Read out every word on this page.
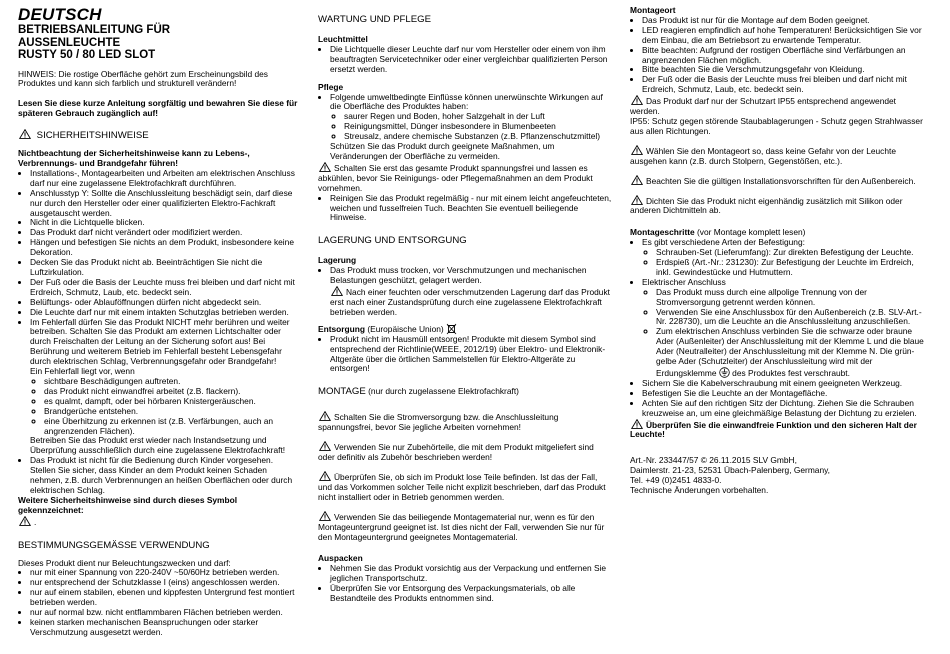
DEUTSCH
BETRIEBSANLEITUNG FÜR
AUSSENLEUCHTE
RUSTY 50 / 80 LED SLOT

HINWEIS: Die rostige Oberfläche gehört zum Erscheinungsbild des Produktes und kann sich farblich und strukturell verändern!

Lesen Sie diese kurze Anleitung sorgfältig und bewahren Sie diese für späteren Gebrauch zugänglich auf!

SICHERHEITSHINWEISE

Nichtbeachtung der Sicherheitshinweise kann zu Lebens-, Verbrennungs- und Brandgefahr führen!

• Installations-, Montagearbeiten und Arbeiten am elektrischen Anschluss darf nur eine zugelassene Elektrofachkraft durchführen.
• Anschlusstyp Y: Sollte die Anschlussleitung beschädigt sein, darf diese nur durch den Hersteller oder einer qualifizierten Elektro-Fachkraft ausgetauscht werden.
• Nicht in die Lichtquelle blicken.
• Das Produkt darf nicht verändert oder modifiziert werden.
• Hängen und befestigen Sie nichts an dem Produkt, insbesondere keine Dekoration.
• Decken Sie das Produkt nicht ab. Beeinträchtigen Sie nicht die Luftzirkulation.
• Der Fuß oder die Basis der Leuchte muss frei bleiben und darf nicht mit Erdreich, Schmutz, Laub, etc. bedeckt sein.
• Belüftungs- oder Ablauföffnungen dürfen nicht abgedeckt sein.
• Die Leuchte darf nur mit einem intakten Schutzglas betrieben werden.
• Im Fehlerfall dürfen Sie das Produkt NICHT mehr berühren und weiter betreiben. Schalten Sie das Produkt am externen Lichtschalter oder durch Freischalten der Leitung an der Sicherung sofort aus! Bei Berührung und weiterem Betrieb im Fehlerfall besteht Lebensgefahr durch elektrischen Schlag, Verbrennungsgefahr oder Brandgefahr!
Ein Fehlerfall liegt vor, wenn
◦ sichtbare Beschädigungen auftreten.
◦ das Produkt nicht einwandfrei arbeitet (z.B. flackern).
◦ es qualmt, dampft, oder bei hörbaren Knistergeräuschen.
◦ Brandgerüche entstehen.
◦ eine Überhitzung zu erkennen ist (z.B. Verfärbungen, auch an angrenzenden Flächen).
Betreiben Sie das Produkt erst wieder nach Instandsetzung und Überprüfung ausschließlich durch eine zugelassene Elektrofachkraft!
• Das Produkt ist nicht für die Bedienung durch Kinder vorgesehen. Stellen Sie sicher, dass Kinder an dem Produkt keinen Schaden nehmen, z.B. durch Verbrennungen an heißen Oberflächen oder durch elektrischen Schlag.

Weitere Sicherheitshinweise sind durch dieses Symbol gekennzeichnet:

.

BESTIMMUNGSGEMÄSSE VERWENDUNG

Dieses Produkt dient nur Beleuchtungszwecken und darf:

• nur mit einer Spannung von 220-240V ~50/60Hz betrieben werden.
• nur entsprechend der Schutzklasse I (eins) angeschlossen werden.
• nur auf einem stabilen, ebenen und kippfesten Untergrund fest montiert betrieben werden.
• nur auf normal bzw. nicht entflammbaren Flächen betrieben werden.
• keinen starken mechanischen Beanspruchungen oder starker Verschmutzung ausgesetzt werden.

WARTUNG UND PFLEGE

Leuchtmittel

• Die Lichtquelle dieser Leuchte darf nur vom Hersteller oder einem von ihm beauftragten Servicetechniker oder einer vergleichbar qualifizierten Person ersetzt werden.

Pflege

• Folgende umweltbedingte Einflüsse können unerwünschte Wirkungen auf die Oberfläche des Produktes haben:
◦ saurer Regen und Boden, hoher Salzgehalt in der Luft
◦ Reinigungsmittel, Dünger insbesondere in Blumenbeeten
◦ Streusalz, andere chemische Substanzen (z.B. Pflanzenschutzmittel)
Schützen Sie das Produkt durch geeignete Maßnahmen, um Veränderungen der Oberfläche zu vermeiden.

Schalten Sie erst das gesamte Produkt spannungsfrei und lassen es abkühlen, bevor Sie Reinigungs- oder Pflegemaßnahmen an dem Produkt vornehmen.

• Reinigen Sie das Produkt regelmäßig - nur mit einem leicht angefeuchteten, weichen und fusselfreien Tuch. Beachten Sie eventuell beiliegende Hinweise.

LAGERUNG UND ENTSORGUNG

Lagerung

• Das Produkt muss trocken, vor Verschmutzungen und mechanischen Belastungen geschützt, gelagert werden.

Nach einer feuchten oder verschmutzenden Lagerung darf das Produkt erst nach einer Zustandsprüfung durch eine zugelassene Elektrofachkraft betrieben werden.

Entsorgung (Europäische Union)

• Produkt nicht im Hausmüll entsorgen! Produkte mit diesem Symbol sind entsprechend der Richtlinie(WEEE, 2012/19) über Elektro- und Elektronik-Altgeräte über die örtlichen Sammelstellen für Elektro-Altgeräte zu entsorgen!

MONTAGE (nur durch zugelassene Elektrofachkraft)

Schalten Sie die Stromversorgung bzw. die Anschlussleitung spannungsfrei, bevor Sie jegliche Arbeiten vornehmen!

Verwenden Sie nur Zubehörteile, die mit dem Produkt mitgeliefert sind oder definitiv als Zubehör beschrieben werden!

Überprüfen Sie, ob sich im Produkt lose Teile befinden. Ist das der Fall, und das Vorkommen solcher Teile nicht explizit beschrieben, darf das Produkt nicht installiert oder in Betrieb genommen werden.

Verwenden Sie das beiliegende Montagematerial nur, wenn es für den Montageuntergrund geeignet ist. Ist dies nicht der Fall, verwenden Sie nur für den Montageuntergrund geeignetes Montagematerial.

Auspacken

• Nehmen Sie das Produkt vorsichtig aus der Verpackung und entfernen Sie jeglichen Transportschutz.
• Überprüfen Sie vor Entsorgung des Verpackungsmaterials, ob alle Bestandteile des Produkts entnommen sind.

Montageort

• Das Produkt ist nur für die Montage auf dem Boden geeignet.
• LED reagieren empfindlich auf hohe Temperaturen! Berücksichtigen Sie vor dem Einbau, die am Betriebsort zu erwartende Temperatur.
• Bitte beachten: Aufgrund der rostigen Oberfläche sind Verfärbungen an angrenzenden Flächen möglich.
• Bitte beachten Sie die Verschmutzungsgefahr von Kleidung.
• Der Fuß oder die Basis der Leuchte muss frei bleiben und darf nicht mit Erdreich, Schmutz, Laub, etc. bedeckt sein.

Das Produkt darf nur der Schutzart IP55 entsprechend angewendet werden.

IP55: Schutz gegen störende Staubablagerungen - Schutz gegen Strahlwasser aus allen Richtungen.

Wählen Sie den Montageort so, dass keine Gefahr von der Leuchte ausgehen kann (z.B. durch Stolpern, Gegenstößen, etc.).

Beachten Sie die gültigen Installationsvorschriften für den Außenbereich.

Dichten Sie das Produkt nicht eigenhändig zusätzlich mit Silikon oder anderen Dichtmitteln ab.

Montageschritte (vor Montage komplett lesen)

• Es gibt verschiedene Arten der Befestigung:
◦ Schrauben-Set (Lieferumfang): Zur direkten Befestigung der Leuchte.
◦ Erdspieß (Art.-Nr.: 231230): Zur Befestigung der Leuchte im Erdreich, inkl. Gewindestücke und Hutmuttern.
• Elektrischer Anschluss
◦ Das Produkt muss durch eine allpolige Trennung von der Stromversorgung getrennt werden können.
◦ Verwenden Sie eine Anschlussbox für den Außenbereich (z.B. SLV-Art.-Nr. 228730), um die Leuchte an die Anschlussleitung anzuschließen.
◦ Zum elektrischen Anschluss verbinden Sie die schwarze oder braune Ader (Außenleiter) der Anschlussleitung mit der Klemme L und die blaue Ader (Neutralleiter) der Anschlussleitung mit der Klemme N. Die grün-gelbe Ader (Schutzleiter) der Anschlussleitung wird mit der Erdungsklemme des Produktes fest verschraubt.
• Sichern Sie die Kabelverschraubung mit einem geeigneten Werkzeug.
• Befestigen Sie die Leuchte an der Montagefläche.
• Achten Sie auf den richtigen Sitz der Dichtung. Ziehen Sie die Schrauben kreuzweise an, um eine gleichmäßige Belastung der Dichtung zu erzielen.

Überprüfen Sie die einwandfreie Funktion und den sicheren Halt der Leuchte!

Art.-Nr. 233447/57 © 26.11.2015 SLV GmbH,

Daimlerstr. 21-23, 52531 Übach-Palenberg, Germany,

Tel. +49 (0)2451 4833-0.

Technische Änderungen vorbehalten.
